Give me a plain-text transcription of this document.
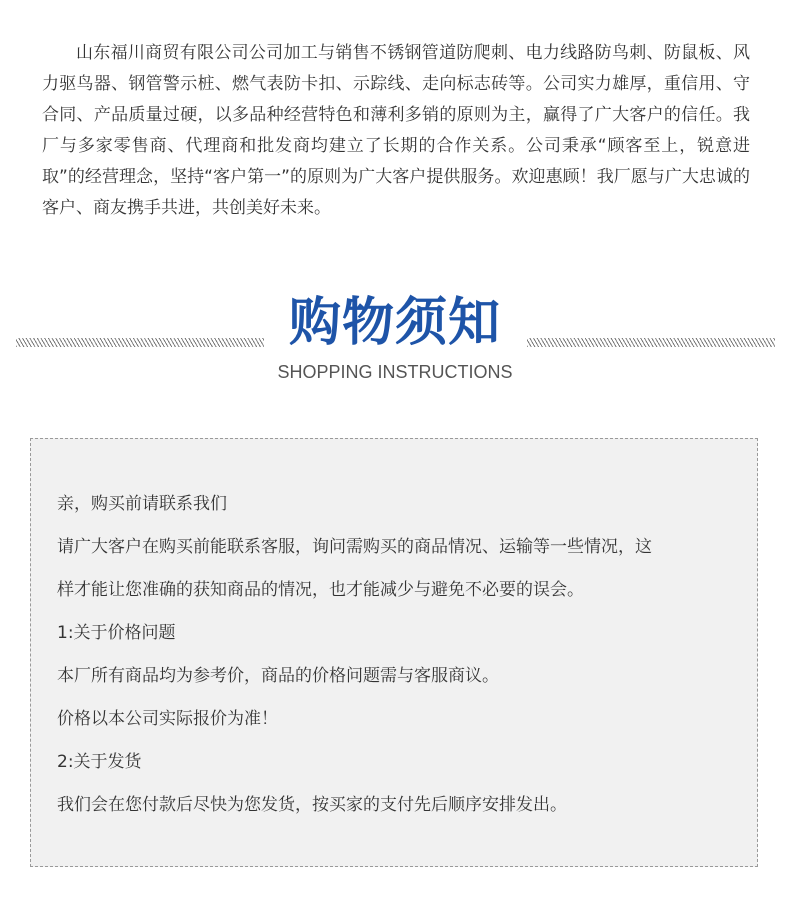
山东福川商贸有限公司公司加工与销售不锈钢管道防爬刺、电力线路防鸟刺、防鼠板、风力驱鸟器、钢管警示桩、燃气表防卡扣、示踪线、走向标志砖等。公司实力雄厚，重信用、守合同、产品质量过硬，以多品种经营特色和薄利多销的原则为主，赢得了广大客户的信任。我厂与多家零售商、代理商和批发商均建立了长期的合作关系。公司秉承“顾客至上，锐意进取”的经营理念，坚持“客户第一”的原则为广大客户提供服务。欢迎惠顾！我厂愿与广大忠诚的客户、商友携手共进，共创美好未来。

购物须知
SHOPPING INSTRUCTIONS
亲，购买前请联系我们
请广大客户在购买前能联系客服，询问需购买的商品情况、运输等一些情况，这
样才能让您准确的获知商品的情况，也才能减少与避免不必要的误会。
1:关于价格问题
本厂所有商品均为参考价，商品的价格问题需与客服商议。
价格以本公司实际报价为准！
2:关于发货
我们会在您付款后尽快为您发货，按买家的支付先后顺序安排发出。
